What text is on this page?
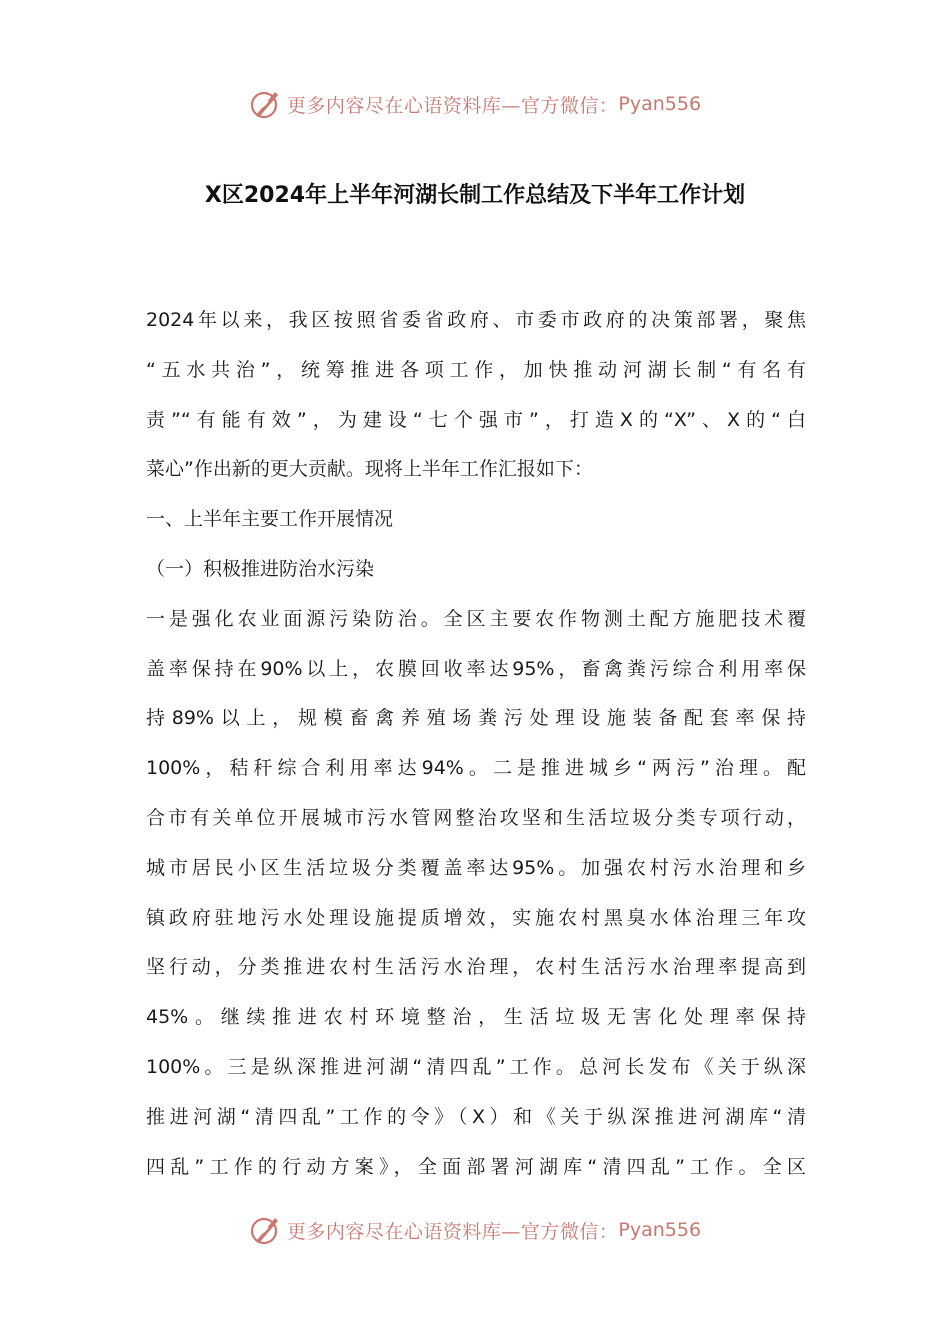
更多内容尽在心语资料库—官方微信： Pyan556
X区2024年上半年河湖长制工作总结及下半年工作计划
2024年以来，我区按照省委省政府、市委市政府的决策部署，聚焦
“五水共治”，统筹推进各项工作，加快推动河湖长制“有名有
责”“有能有效”，为建设“七个强市”，打造X的“X”、X的“白
菜心”作出新的更大贡献。现将上半年工作汇报如下：
一、上半年主要工作开展情况
（一）积极推进防治水污染
一是强化农业面源污染防治。全区主要农作物测土配方施肥技术覆
盖率保持在90%以上，农膜回收率达95%，畜禽粪污综合利用率保
持89%以上，规模畜禽养殖场粪污处理设施装备配套率保持
100%，秸秆综合利用率达94%。二是推进城乡“两污”治理。配
合市有关单位开展城市污水管网整治攻坚和生活垃圾分类专项行动，
城市居民小区生活垃圾分类覆盖率达95%。加强农村污水治理和乡
镇政府驻地污水处理设施提质增效，实施农村黑臭水体治理三年攻
坚行动，分类推进农村生活污水治理，农村生活污水治理率提高到
45%。继续推进农村环境整治，生活垃圾无害化处理率保持
100%。三是纵深推进河湖“清四乱”工作。总河长发布《关于纵深
推进河湖“清四乱”工作的令》（X）和《关于纵深推进河湖库“清
四乱”工作的行动方案》，全面部署河湖库“清四乱”工作。全区
更多内容尽在心语资料库—官方微信： Pyan556
